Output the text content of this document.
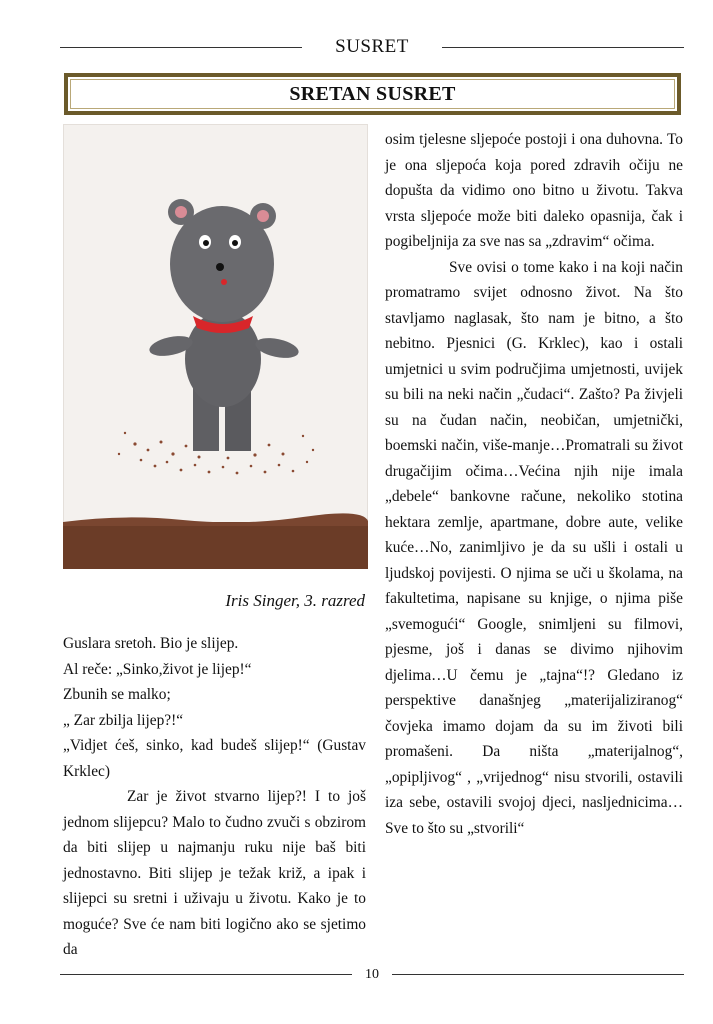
SUSRET
SRETAN SUSRET
Iris Singer, 3. razred

Guslara sretoh. Bio je slijep.

Al reče: „Sinko,život je lijep!“

Zbunih se malko;

„ Zar zbilja lijep?!“

„Vidjet ćeš, sinko, kad budeš slijep!“ (Gustav Krklec)

Zar je život stvarno lijep?! I to još jednom slijepcu? Malo to čudno zvuči s obzirom da biti slijep u najmanju ruku nije baš biti jednostavno. Biti slijep je težak križ, a ipak i slijepci su sretni i uživaju u životu. Kako je to moguće? Sve će nam biti logično ako se sjetimo da

osim tjelesne sljepoće postoji i ona duhovna. To je ona sljepoća koja pored zdravih očiju ne dopušta da vidimo ono bitno u životu. Takva vrsta sljepoće može biti daleko opasnija, čak i pogibeljnija za sve nas sa „zdravim“ očima.

Sve ovisi o tome kako i na koji način promatramo svijet odnosno život. Na što stavljamo naglasak, što nam je bitno, a što nebitno. Pjesnici (G. Krklec), kao i ostali umjetnici u svim područjima umjetnosti, uvijek su bili na neki način „čudaci“. Zašto? Pa živjeli su na čudan način, neobičan, umjetnički, boemski način, više-manje…Promatrali su život drugačijim očima…Većina njih nije imala „debele“ bankovne račune, nekoliko stotina hektara zemlje, apartmane, dobre aute, velike kuće…No, zanimljivo je da su ušli i ostali u ljudskoj povijesti. O njima se uči u školama, na fakultetima, napisane su knjige, o njima piše „svemogući“ Google, snimljeni su filmovi, pjesme, još i danas se divimo njihovim djelima…U čemu je „tajna“!? Gledano iz perspektive današnjeg „materijaliziranog“ čovjeka imamo dojam da su im životi bili promašeni. Da ništa „materijalnog“, „opipljivog“ , „vrijednog“ nisu stvorili, ostavili iza sebe, ostavili svojoj djeci, nasljednicima…Sve to što su „stvorili“

10
